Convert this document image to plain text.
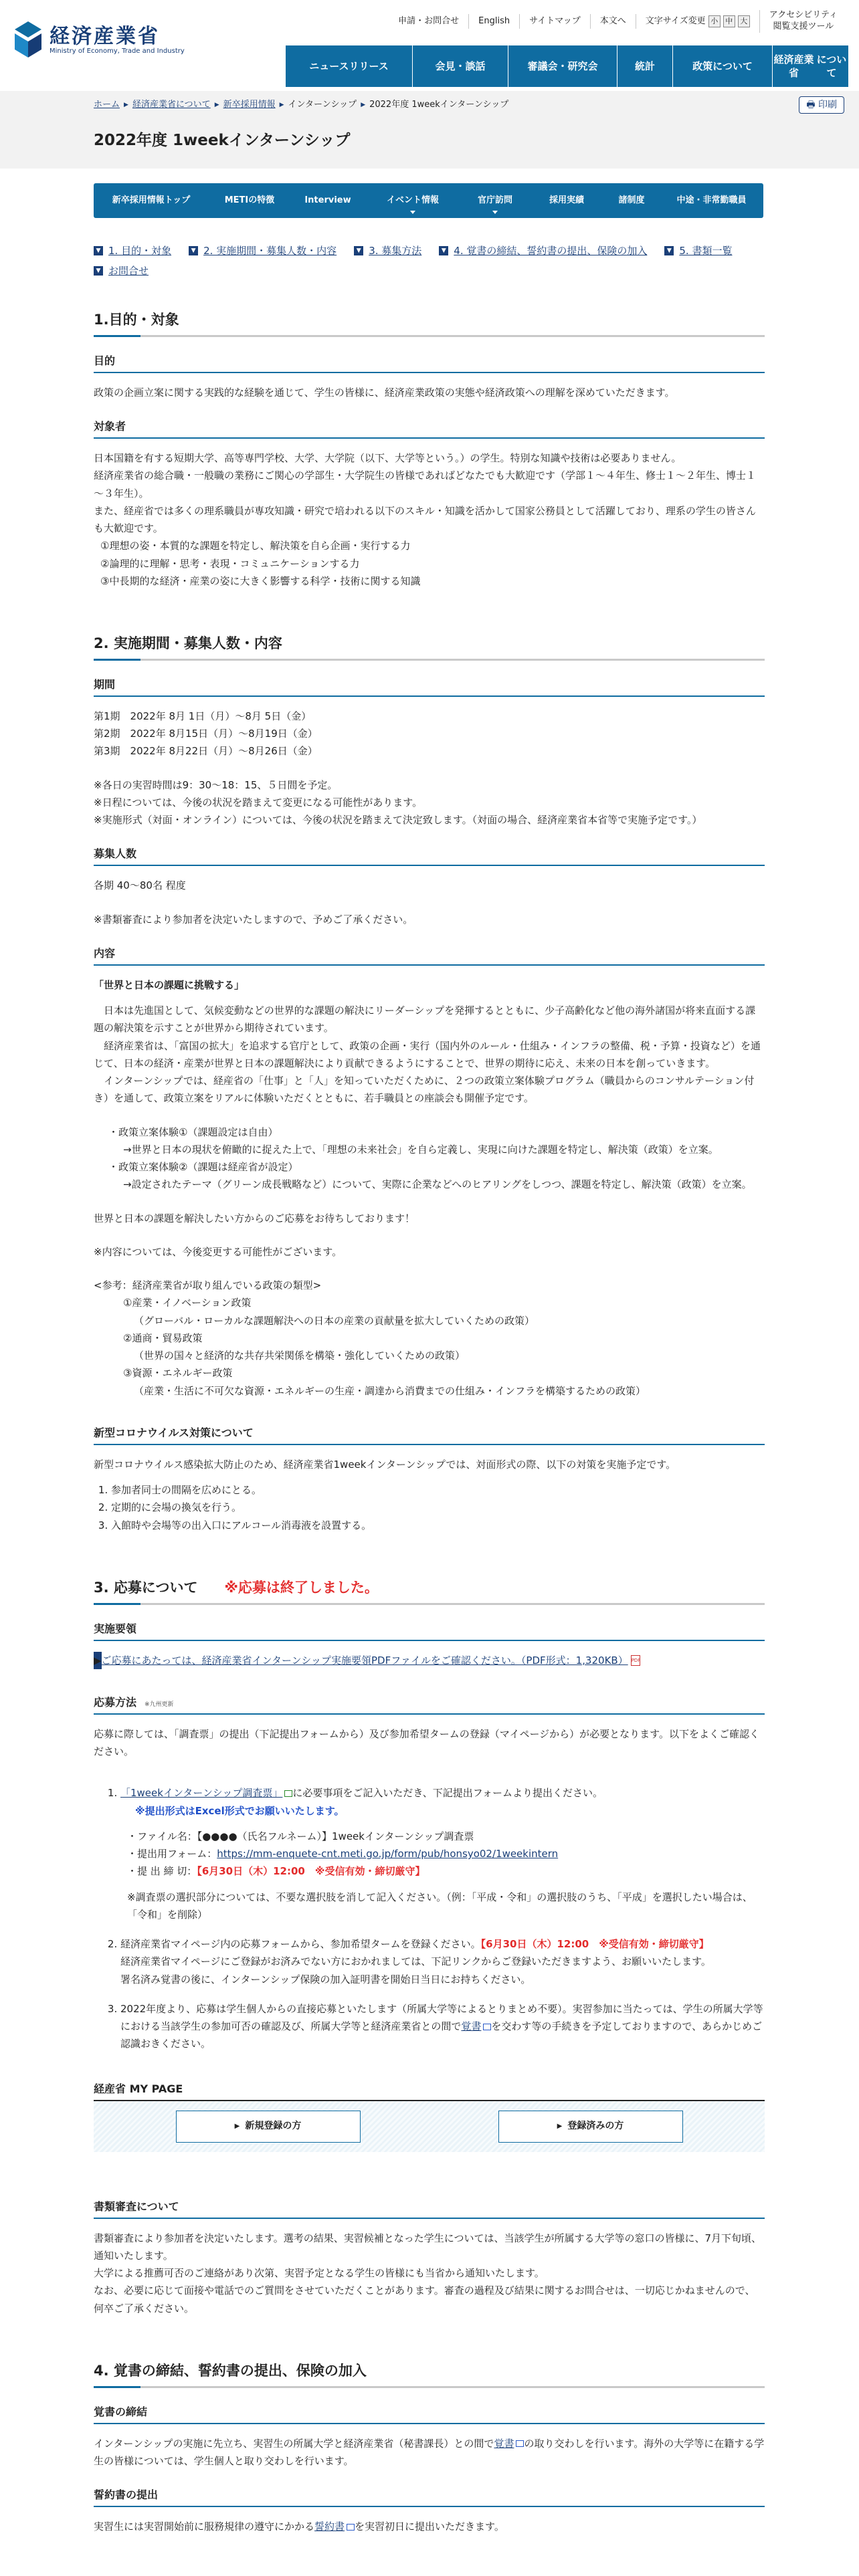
経済産業省
Ministry of Economy, Trade and Industry
申請・お問合せ	English	サイトマップ	本文へ	文字サイズ変更 小	中	大
アクセシビリティ
閲覧支援ツール
ニュースリリース	会見・談話	審議会・研究会	統計	政策について
経済産業省

について
ホーム ▶ 経済産業省について ▶ 新卒採用情報 ▶ インターンシップ ▶ 2022年度 1weekインターンシップ	🖶 印刷
2022年度 1weekインターンシップ
新卒採用情報トップ	METIの特徴	Interview	イベント情報	官庁訪問	採用実績	諸制度	中途・非常勤職員
▼ 1. 目的・対象	▼ 2. 実施期間・募集人数・内容	▼ 3. 募集方法	▼ 4. 覚書の締結、誓約書の提出、保険の加入	▼ 5. 書類一覧
▼ お問合せ
1.目的・対象
目的

政策の企画立案に関する実践的な経験を通じて、学生の皆様に、経済産業政策の実態や経済政策への理解を深めていただきます。

対象者

日本国籍を有する短期大学、高等専門学校、大学、大学院（以下、大学等という。）の学生。特別な知識や技術は必要ありません。

経済産業省の総合職・一般職の業務にご関心の学部生・大学院生の皆様であればどなたでも大歓迎です（学部１～４年生、修士１～２年生、博士１～３年生）。

また、経産省では多くの理系職員が専攻知識・研究で培われる以下のスキル・知識を活かして国家公務員として活躍しており、理系の学生の皆さんも大歓迎です。

①理想の姿・本質的な課題を特定し、解決策を自ら企画・実行する力

②論理的に理解・思考・表現・コミュニケーションする力

③中長期的な経済・産業の姿に大きく影響する科学・技術に関する知識

2. 実施期間・募集人数・内容
期間

第1期　2022年 8月 1日（月）～8月 5日（金）

第2期　2022年 8月15日（月）～8月19日（金）

第3期　2022年 8月22日（月）～8月26日（金）

※各日の実習時間は9：30～18：15、５日間を予定。

※日程については、今後の状況を踏まえて変更になる可能性があります。

※実施形式（対面・オンライン）については、今後の状況を踏まえて決定致します。（対面の場合、経済産業省本省等で実施予定です。）

募集人数

各期 40～80名 程度

※書類審査により参加者を決定いたしますので、予めご了承ください。

内容

「世界と日本の課題に挑戦する」

　日本は先進国として、気候変動などの世界的な課題の解決にリーダーシップを発揮するとともに、少子高齢化など他の海外諸国が将来直面する課題の解決策を示すことが世界から期待されています。

　経済産業省は、「富国の拡大」を追求する官庁として、政策の企画・実行（国内外のルール・仕組み・インフラの整備、税・予算・投資など）を通じて、日本の経済・産業が世界と日本の課題解決により貢献できるようにすることで、世界の期待に応え、未来の日本を創っていきます。

　インターンシップでは、経産省の「仕事」と「人」を知っていただくために、２つの政策立案体験プログラム（職員からのコンサルテーション付き）を通して、政策立案をリアルに体験いただくとともに、若手職員との座談会も開催予定です。

・政策立案体験①（課題設定は自由）

→世界と日本の現状を俯瞰的に捉えた上で、「理想の未来社会」を自ら定義し、実現に向けた課題を特定し、解決策（政策）を立案。

・政策立案体験②（課題は経産省が設定）

→設定されたテーマ（グリーン成長戦略など）について、実際に企業などへのヒアリングをしつつ、課題を特定し、解決策（政策）を立案。

世界と日本の課題を解決したい方からのご応募をお待ちしております！

※内容については、今後変更する可能性がございます。

<参考：経済産業省が取り組んでいる政策の類型>

①産業・イノベーション政策

（グローバル・ローカルな課題解決への日本の産業の貢献量を拡大していくための政策）

②通商・貿易政策

（世界の国々と経済的な共存共栄関係を構築・強化していくための政策）

③資源・エネルギー政策

（産業・生活に不可欠な資源・エネルギーの生産・調達から消費までの仕組み・インフラを構築するための政策）

新型コロナウイルス対策について

新型コロナウイルス感染拡大防止のため、経済産業省1weekインターンシップでは、対面形式の際、以下の対策を実施予定です。

1. 参加者同士の間隔を広めにとる。
2. 定期的に会場の換気を行う。
3. 入館時や会場等の出入口にアルコール消毒液を設置する。
3. 応募について ※応募は終了しました。
実施要領

▶ ご応募にあたっては、経済産業省インターンシップ実施要領PDFファイルをご確認ください。（PDF形式：1,320KB） PDF

応募方法 ※九州更新

応募に際しては、「調査票」の提出（下記提出フォームから）及び参加希望タームの登録（マイページから）が必要となります。以下をよくご確認ください。

1. 「1weekインターンシップ調査票」 に必要事項をご記入いただき、下記提出フォームより提出ください。
※提出形式はExcel形式でお願いいたします。

・ファイル名：【●●●●（氏名フルネーム）】1weekインターンシップ調査票

・提出用フォーム：https://mm-enquete-cnt.meti.go.jp/form/pub/honsyo02/1weekintern

・提 出 締 切：【6月30日（木）12:00　※受信有効・締切厳守】

※調査票の選択部分については、不要な選択肢を消して記入ください。（例：「平成・令和」の選択肢のうち、「平成」を選択したい場合は、「令和」を削除）

2. 経済産業省マイページ内の応募フォームから、参加希望タームを登録ください。【6月30日（木）12:00　※受信有効・締切厳守】
経済産業省マイページにご登録がお済みでない方におかれましては、下記リンクからご登録いただきますよう、お願いいたします。
署名済み覚書の後に、インターンシップ保険の加入証明書を開始日当日にお持ちください。
3. 2022年度より、応募は学生個人からの直接応募といたします（所属大学等によるとりまとめ不要）。実習参加に当たっては、学生の所属大学等における当該学生の参加可否の確認及び、所属大学等と経済産業省との間で覚書 を交わす等の手続きを予定しておりますので、あらかじめご認識おきください。
経産省 MY PAGE
▶ 新規登録の方	▶ 登録済みの方
書類審査について

書類審査により参加者を決定いたします。選考の結果、実習候補となった学生については、当該学生が所属する大学等の窓口の皆様に、7月下旬頃、通知いたします。

大学による推薦可否のご連絡があり次第、実習予定となる学生の皆様にも当省から通知いたします。

なお、必要に応じて面接や電話でのご質問をさせていただくことがあります。審査の過程及び結果に関するお問合せは、一切応じかねませんので、何卒ご了承ください。

4. 覚書の締結、誓約書の提出、保険の加入
覚書の締結

インターンシップの実施に先立ち、実習生の所属大学と経済産業省（秘書課長）との間で覚書 の取り交わしを行います。海外の大学等に在籍する学生の皆様については、学生個人と取り交わしを行います。

誓約書の提出

実習生には実習開始前に服務規律の遵守にかかる誓約書 を実習初日に提出いただきます。
